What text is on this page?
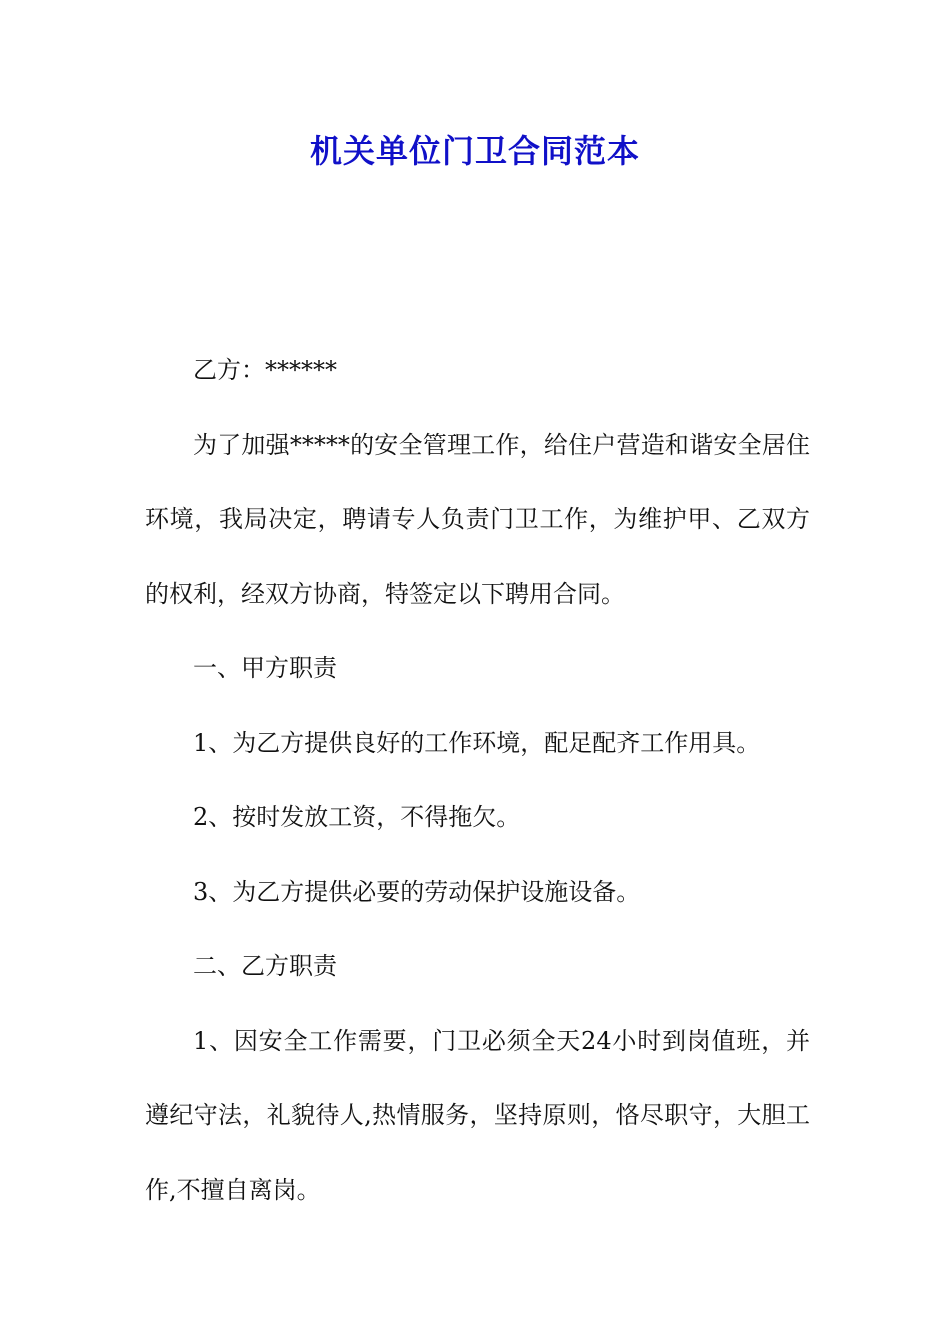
机关单位门卫合同范本

乙方：******

为了加强*****的安全管理工作，给住户营造和谐安全居住环境，我局决定，聘请专人负责门卫工作，为维护甲、乙双方的权利，经双方协商，特签定以下聘用合同。

一、甲方职责

1、为乙方提供良好的工作环境，配足配齐工作用具。

2、按时发放工资，不得拖欠。

3、为乙方提供必要的劳动保护设施设备。

二、乙方职责

1、因安全工作需要，门卫必须全天24小时到岗值班，并遵纪守法，礼貌待人,热情服务，坚持原则，恪尽职守，大胆工作,不擅自离岗。
